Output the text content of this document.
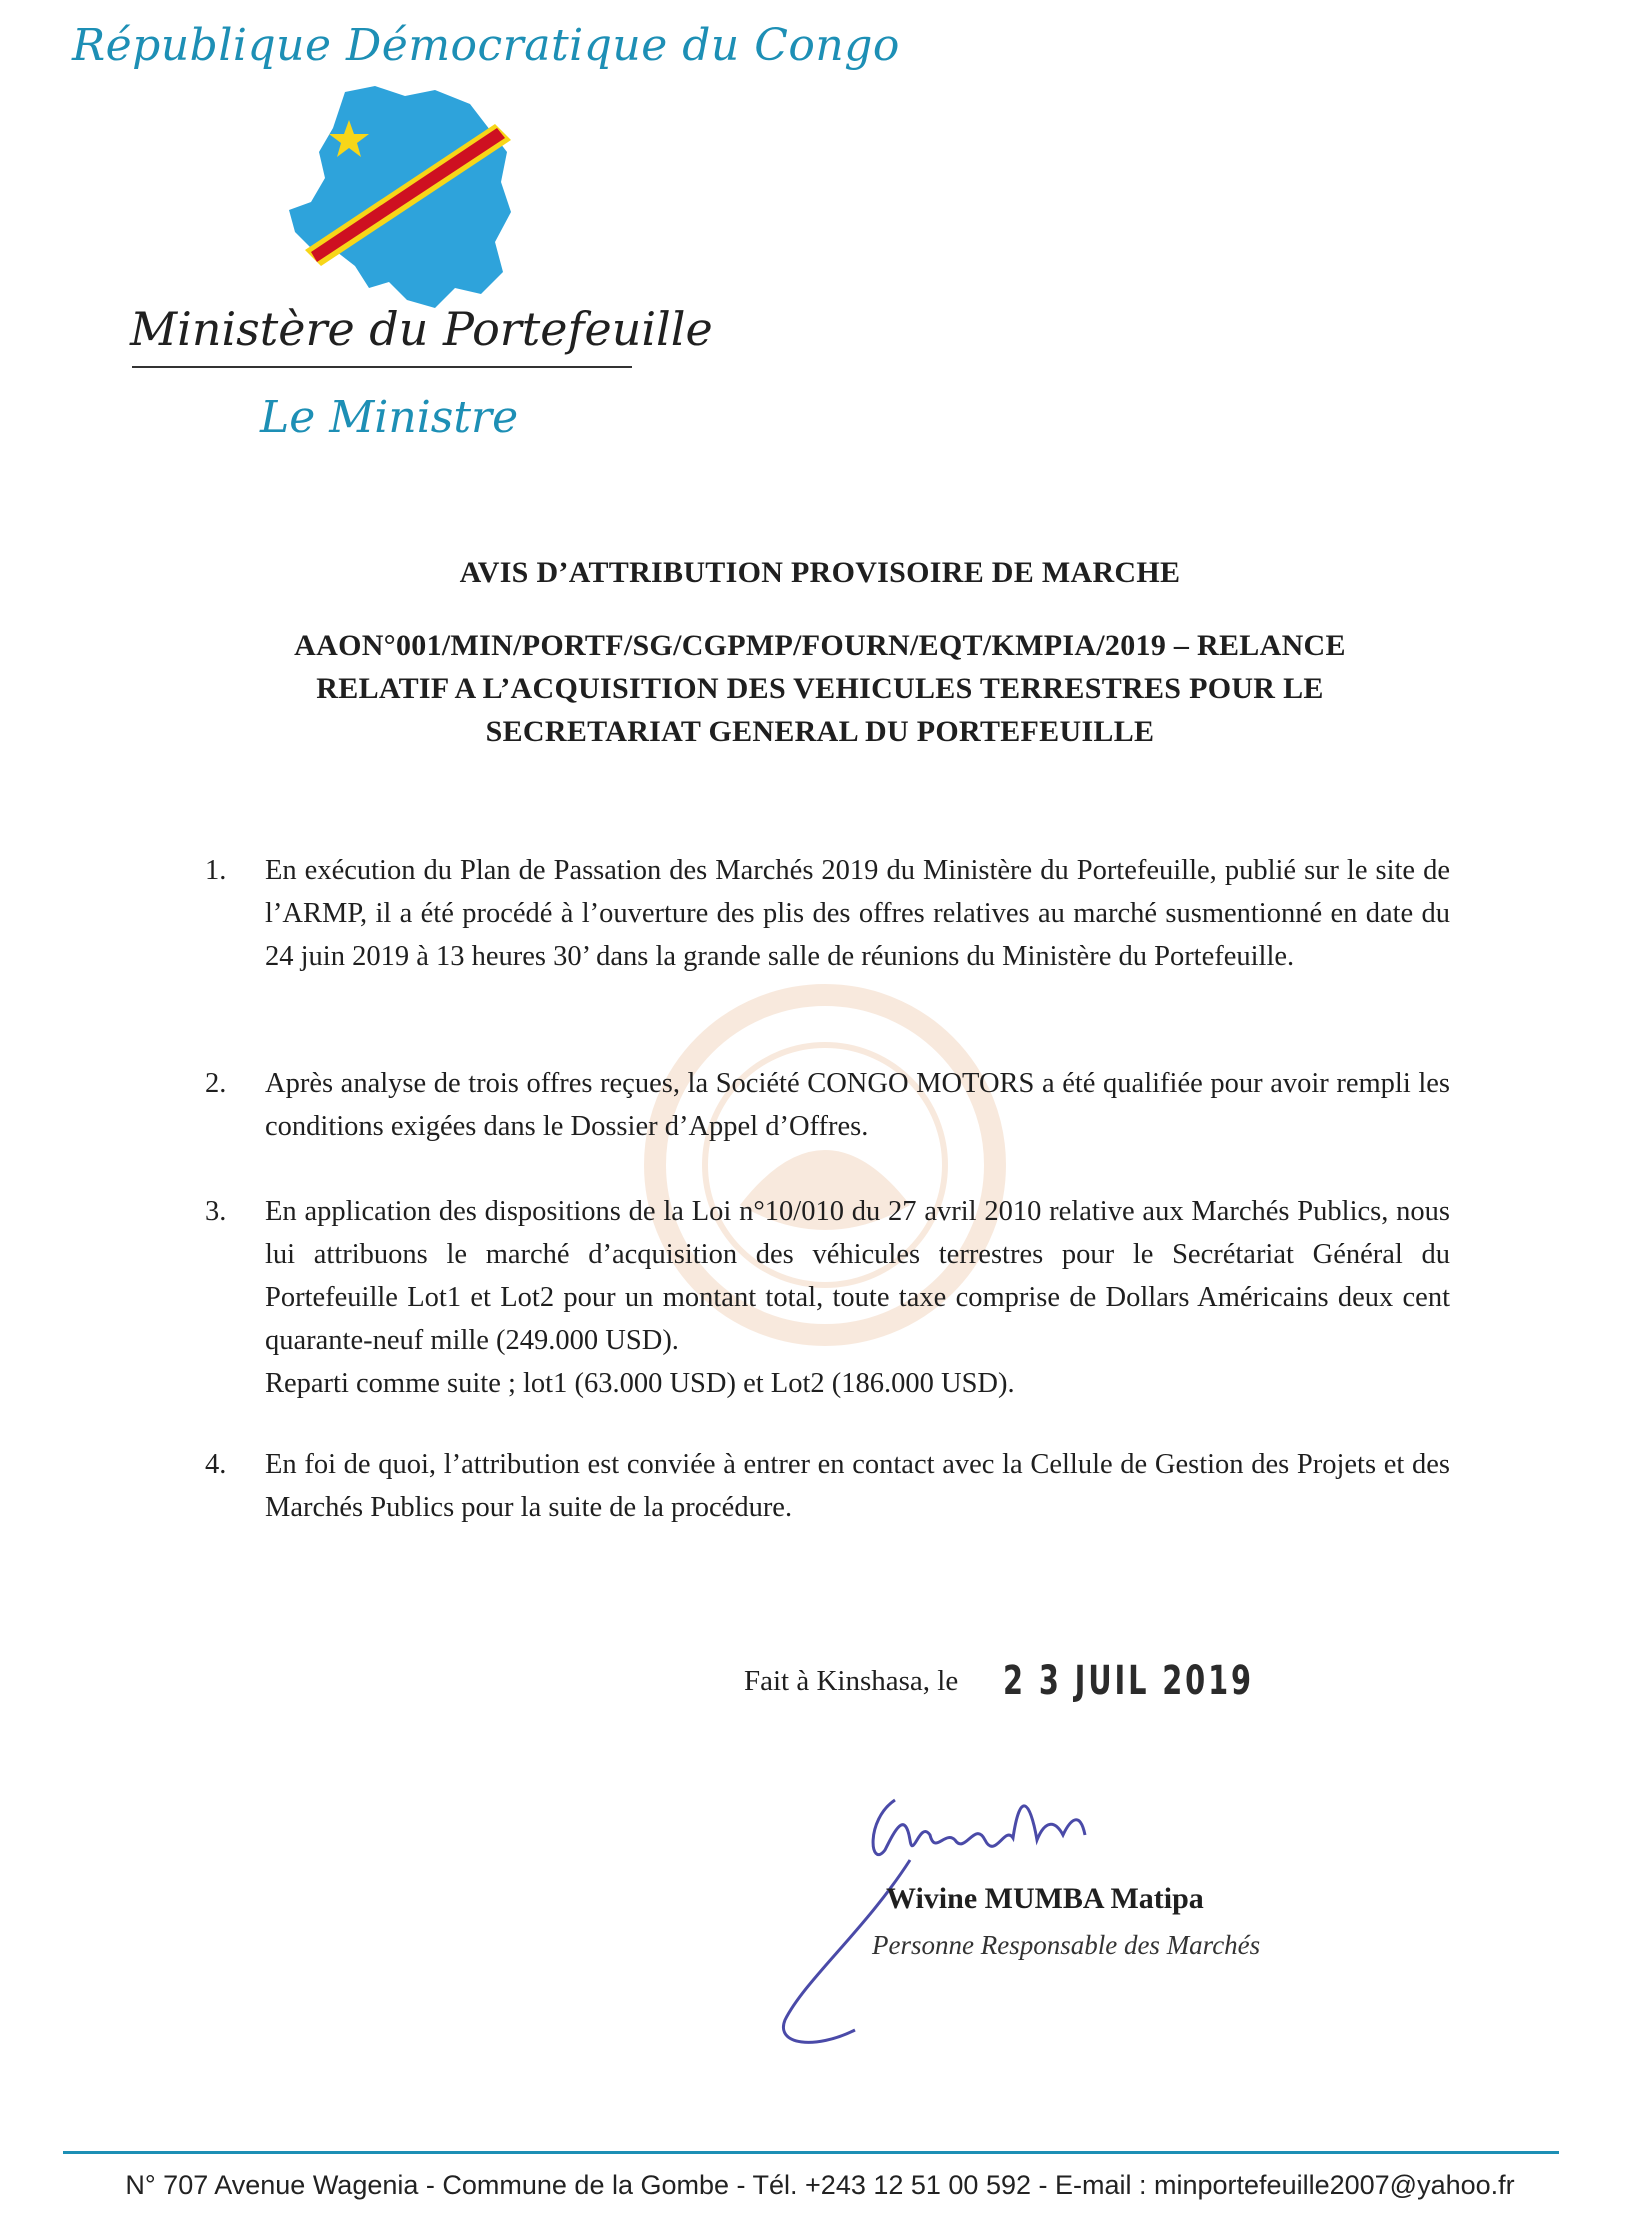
République Démocratique du Congo
Ministère du Portefeuille
Le Ministre
AVIS D’ATTRIBUTION PROVISOIRE DE MARCHE
AAON°001/MIN/PORTF/SG/CGPMP/FOURN/EQT/KMPIA/2019 – RELANCE
RELATIF A L’ACQUISITION DES VEHICULES TERRESTRES POUR LE
SECRETARIAT GENERAL DU PORTEFEUILLE
1.	En exécution du Plan de Passation des Marchés 2019 du Ministère du Portefeuille, publié sur le site de l’ARMP, il a été procédé à l’ouverture des plis des offres relatives au marché susmentionné en date du 24 juin 2019 à 13 heures 30’ dans la grande salle de réunions du Ministère du Portefeuille.
2.	Après analyse de trois offres reçues, la Société CONGO MOTORS a été qualifiée pour avoir rempli les conditions exigées dans le Dossier d’Appel d’Offres.
3.	En application des dispositions de la Loi n°10/010 du 27 avril 2010 relative aux Marchés Publics, nous lui attribuons le marché d’acquisition des véhicules terrestres pour le Secrétariat Général du Portefeuille Lot1 et Lot2 pour un montant total, toute taxe comprise de Dollars Américains deux cent quarante-neuf mille (249.000 USD).
Reparti comme suite ; lot1 (63.000 USD) et Lot2 (186.000 USD).
4.	En foi de quoi, l’attribution est conviée à entrer en contact avec la Cellule de Gestion des Projets et des Marchés Publics pour la suite de la procédure.
Fait à Kinshasa, le 2 3 JUIL 2019
Wivine MUMBA Matipa
Personne Responsable des Marchés
N° 707 Avenue Wagenia - Commune de la Gombe - Tél. +243 12 51 00 592 - E-mail : minportefeuille2007@yahoo.fr
